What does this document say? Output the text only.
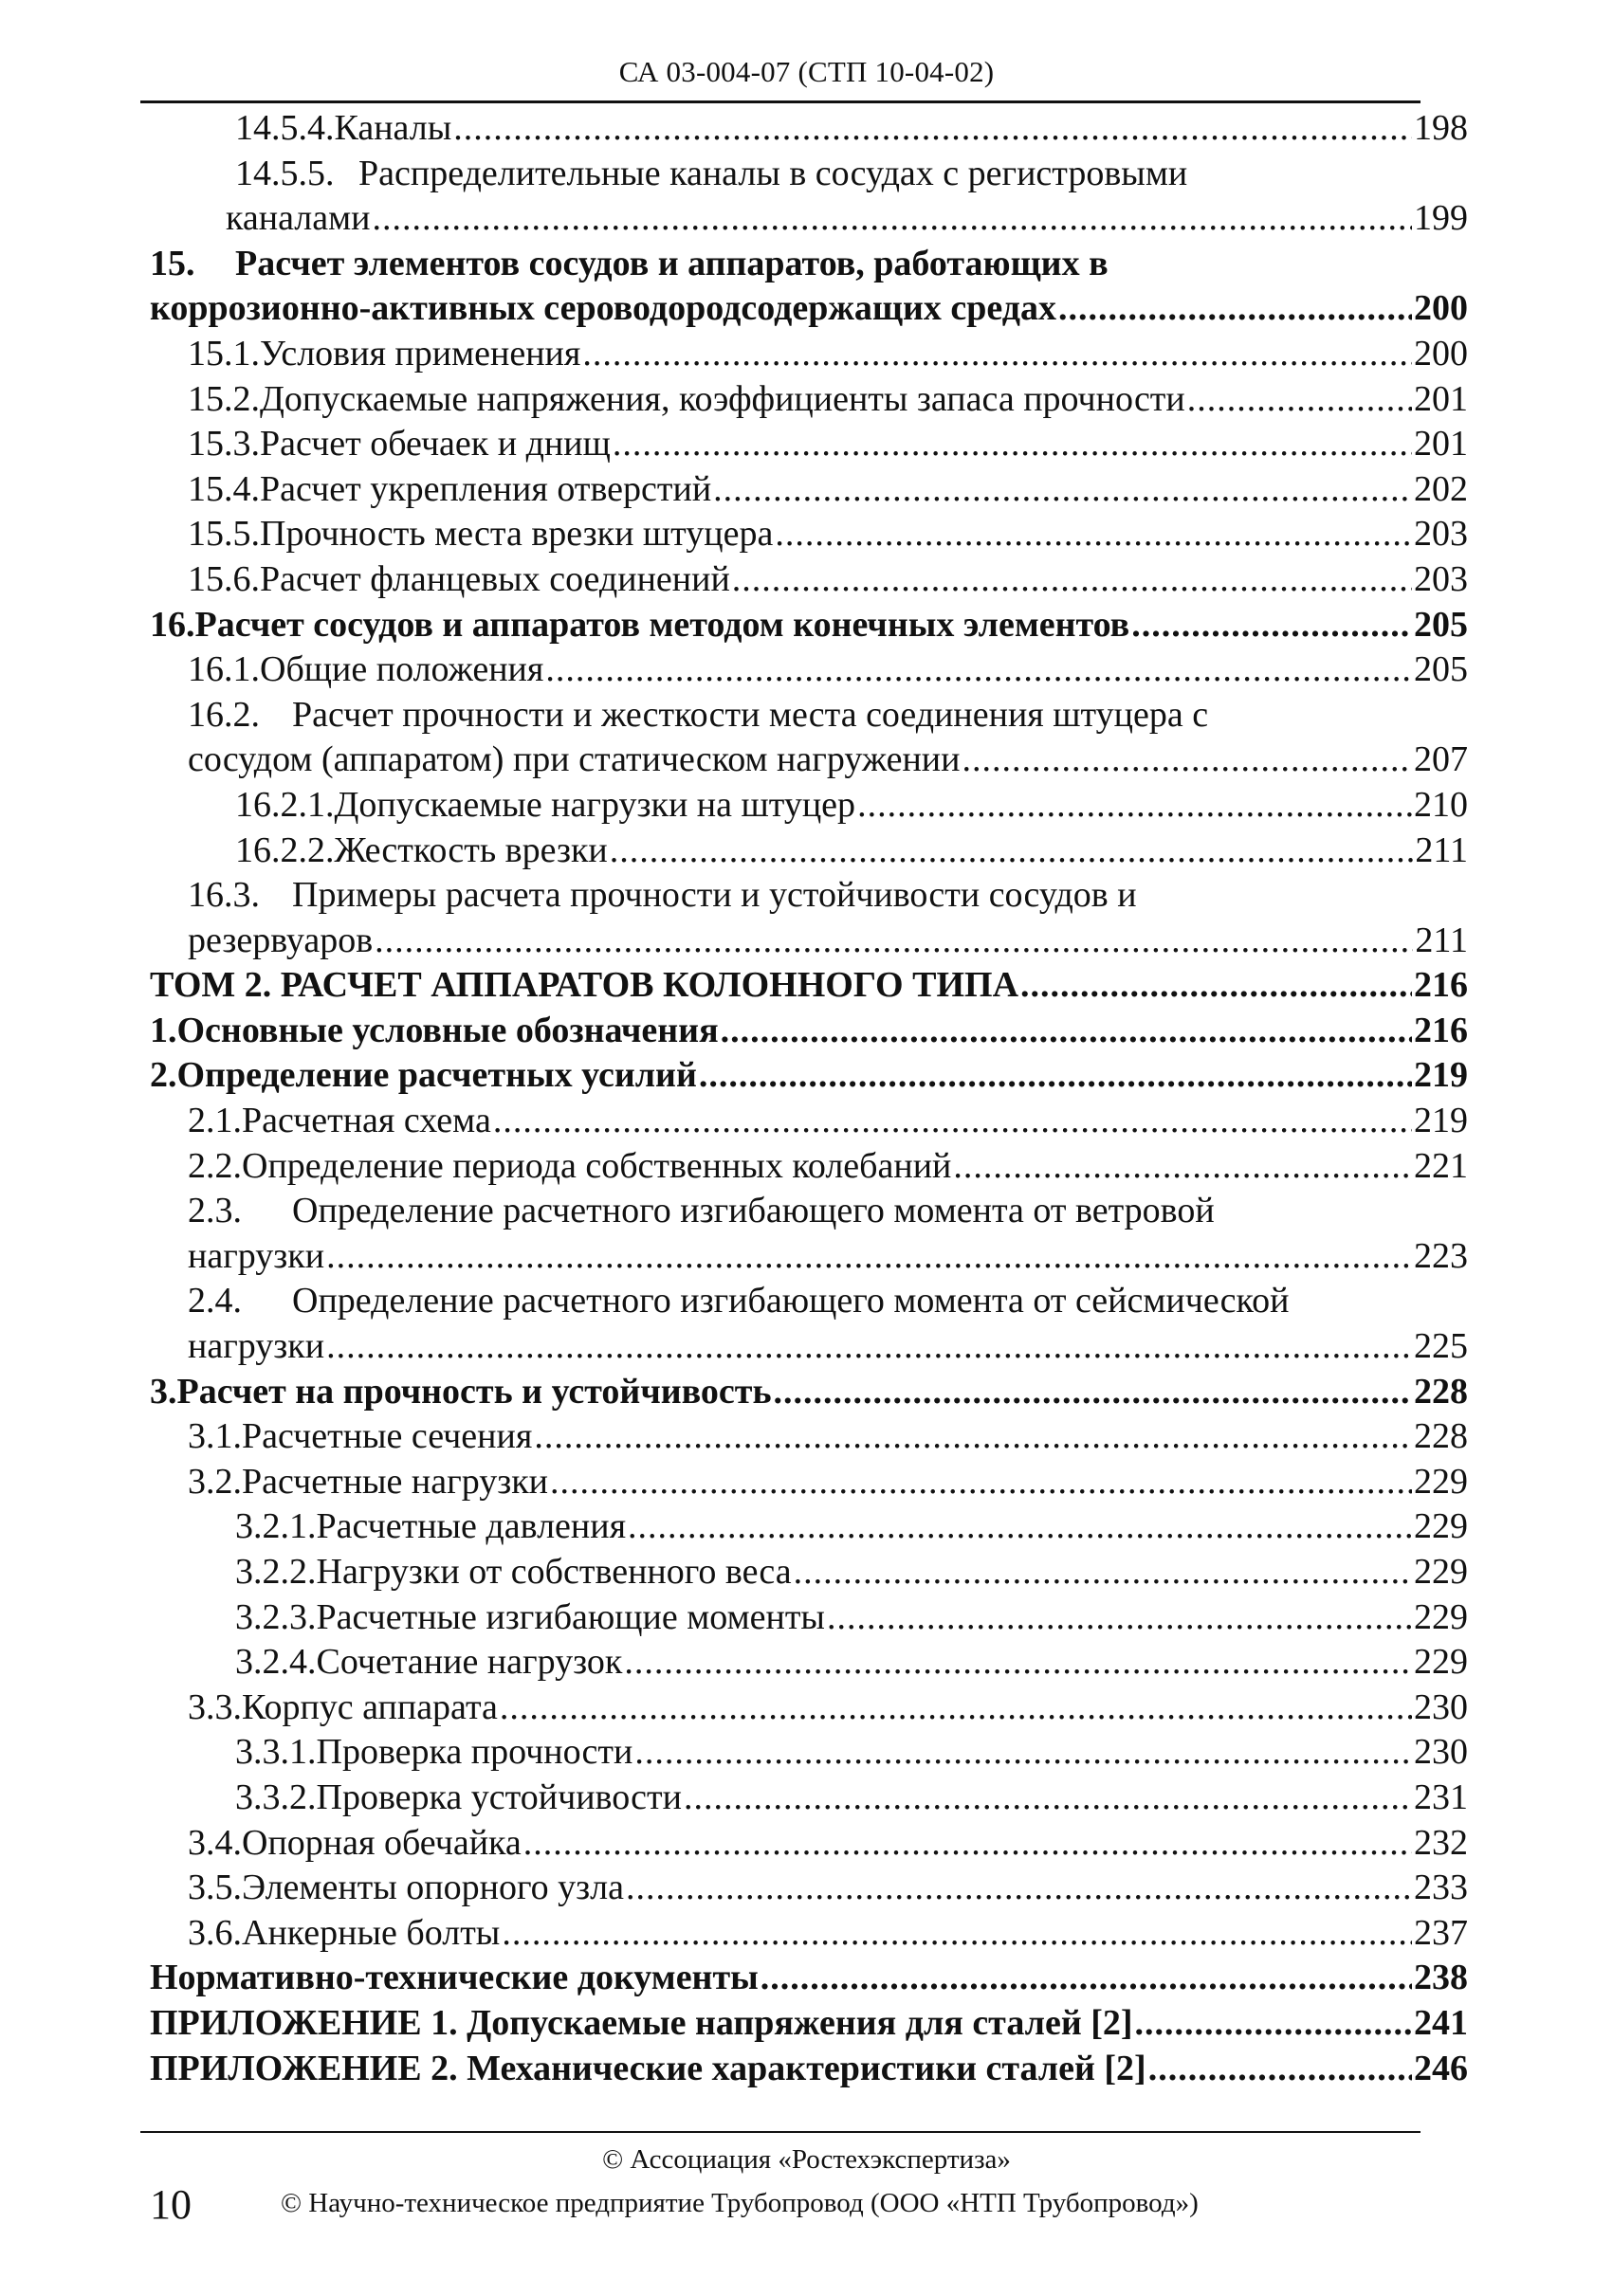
СА 03-004-07 (СТП 10-04-02)
14.5.4. Каналы .....	198
14.5.5. Распределительные каналы в сосудах с регистровыми
каналами .....	199
15.	Расчет элементов сосудов и аппаратов, работающих в
коррозионно-активных сероводородсодержащих средах .....	200
15.1. Условия применения .....	200
15.2. Допускаемые напряжения, коэффициенты запаса прочности .....	201
15.3. Расчет обечаек и днищ .....	201
15.4. Расчет укрепления отверстий .....	202
15.5. Прочность места врезки штуцера .....	203
15.6. Расчет фланцевых соединений .....	203
16. Расчет сосудов и аппаратов методом конечных элементов .....	205
16.1. Общие положения .....	205
16.2. Расчет прочности и жесткости места соединения штуцера с
сосудом (аппаратом) при статическом нагружении .....	207
16.2.1. Допускаемые нагрузки на штуцер .....	210
16.2.2. Жесткость врезки .....	211
16.3. Примеры расчета прочности и устойчивости сосудов и
резервуаров .....	211
ТОМ 2. РАСЧЕТ АППАРАТОВ КОЛОННОГО ТИПА .....	216
1. Основные условные обозначения .....	216
2. Определение расчетных усилий .....	219
2.1. Расчетная схема .....	219
2.2. Определение периода собственных колебаний .....	221
2.3.	Определение расчетного изгибающего момента от ветровой
нагрузки .....	223
2.4.	Определение расчетного изгибающего момента от сейсмической
нагрузки .....	225
3. Расчет на прочность и устойчивость .....	228
3.1. Расчетные сечения .....	228
3.2. Расчетные нагрузки .....	229
3.2.1. Расчетные давления .....	229
3.2.2. Нагрузки от собственного веса .....	229
3.2.3. Расчетные изгибающие моменты .....	229
3.2.4. Сочетание нагрузок .....	229
3.3. Корпус аппарата .....	230
3.3.1. Проверка прочности .....	230
3.3.2. Проверка устойчивости .....	231
3.4. Опорная обечайка .....	232
3.5. Элементы опорного узла .....	233
3.6. Анкерные болты .....	237
Нормативно-технические документы .....	238
ПРИЛОЖЕНИЕ 1. Допускаемые напряжения для сталей [2] .....	241
ПРИЛОЖЕНИЕ 2. Механические характеристики сталей [2] .....	246
© Ассоциация «Ростехэкспертиза»
10	© Научно-техническое предприятие Трубопровод (ООО «НТП Трубопровод»)
